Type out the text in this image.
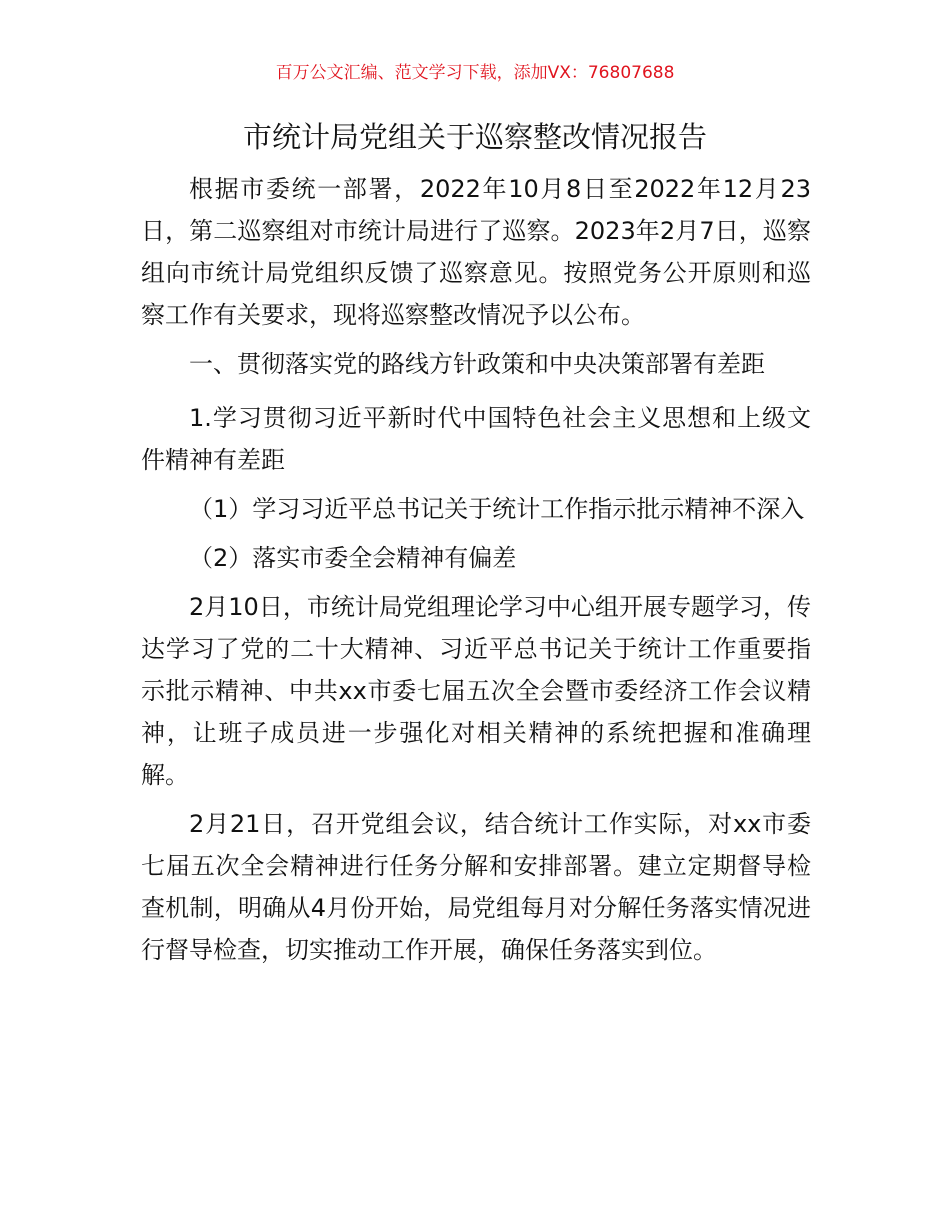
百万公文汇编、范文学习下载，添加VX：76807688
市统计局党组关于巡察整改情况报告

根据市委统一部署，2022年10月8日至2022年12月23日，第二巡察组对市统计局进行了巡察。2023年2月7日，巡察组向市统计局党组织反馈了巡察意见。按照党务公开原则和巡察工作有关要求，现将巡察整改情况予以公布。

一、贯彻落实党的路线方针政策和中央决策部署有差距

1.学习贯彻习近平新时代中国特色社会主义思想和上级文件精神有差距

（1）学习习近平总书记关于统计工作指示批示精神不深入

（2）落实市委全会精神有偏差

2月10日，市统计局党组理论学习中心组开展专题学习，传达学习了党的二十大精神、习近平总书记关于统计工作重要指示批示精神、中共xx市委七届五次全会暨市委经济工作会议精神，让班子成员进一步强化对相关精神的系统把握和准确理解。

2月21日，召开党组会议，结合统计工作实际，对xx市委七届五次全会精神进行任务分解和安排部署。建立定期督导检查机制，明确从4月份开始，局党组每月对分解任务落实情况进行督导检查，切实推动工作开展，确保任务落实到位。
